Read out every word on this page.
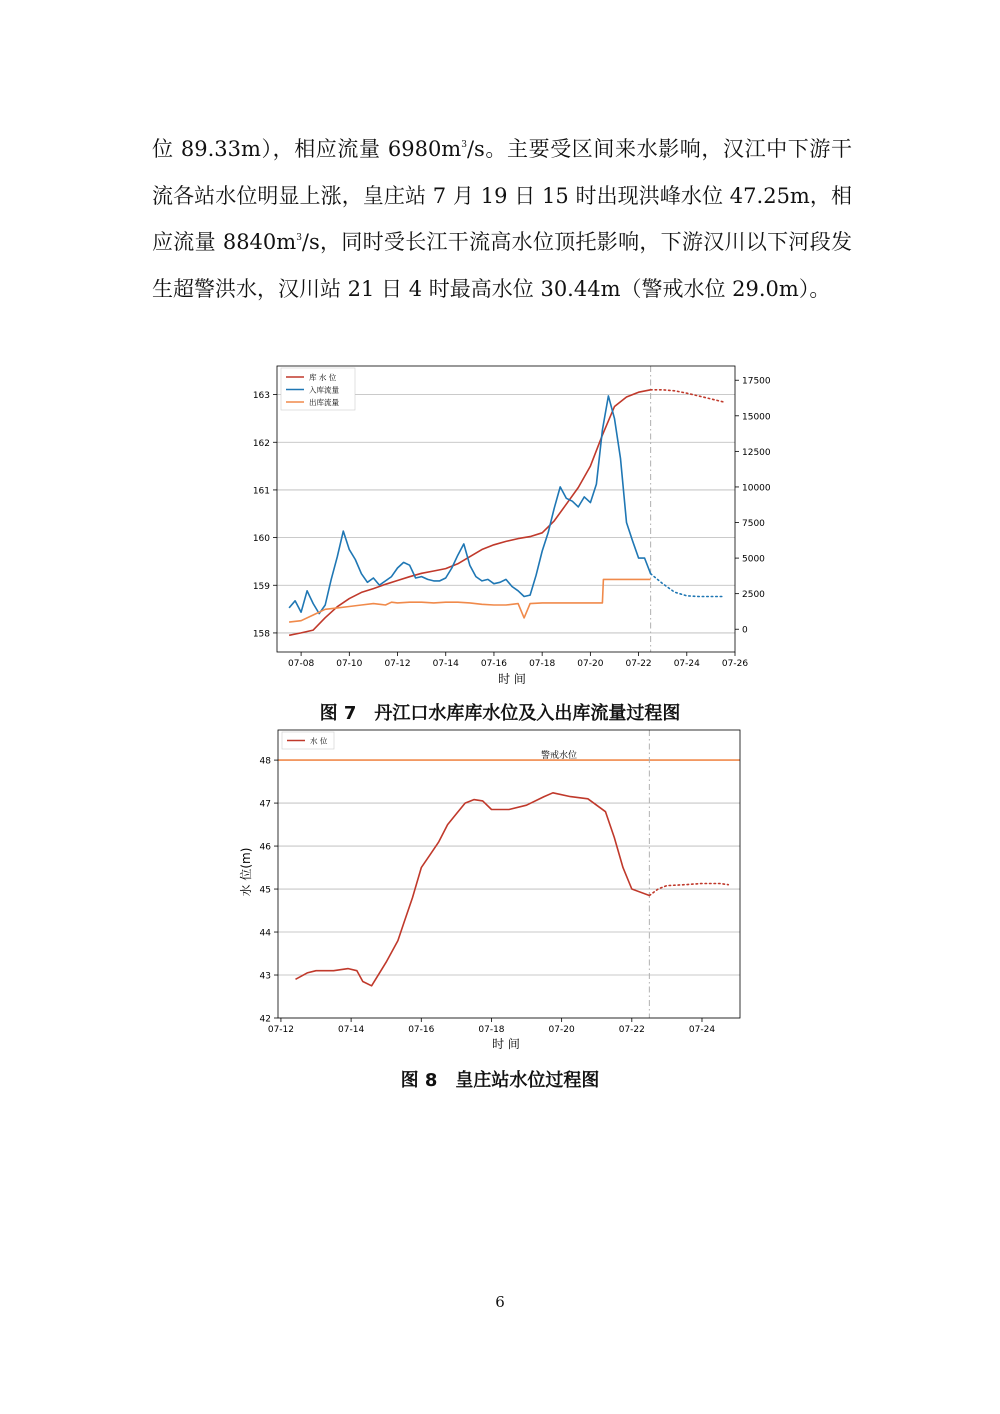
位 89.33m），相应流量 $6980m^3/s$。主要受区间来水影响，汉江中下游干流各站水位明显上涨，皇庄站 7 月 19 日 15 时出现洪峰水位 47.25m，相应流量 $8840m^3/s$，同时受长江干流高水位顶托影响，下游汉川以下河段发生超警洪水，汉川站 21 日 4 时最高水位 30.44m（警戒水位 29.0m）。

158
159
160
161
162
163
0
2500
5000
7500
10000
12500
15000
17500
07-08 07-10 07-12 07-14 07-16 07-18 07-20 07-22 07-24 07-26
库 水 位
入库流量
出库流量
时 间

图 7　丹江口水库库水位及入出库流量过程图

警戒水位
42
43
44
45
46
47
48
07-12	07-14	07-16	07-18	07-20	07-22	07-24
水 位
水 位(m)
时 间

图 8　皇庄站水位过程图

6
